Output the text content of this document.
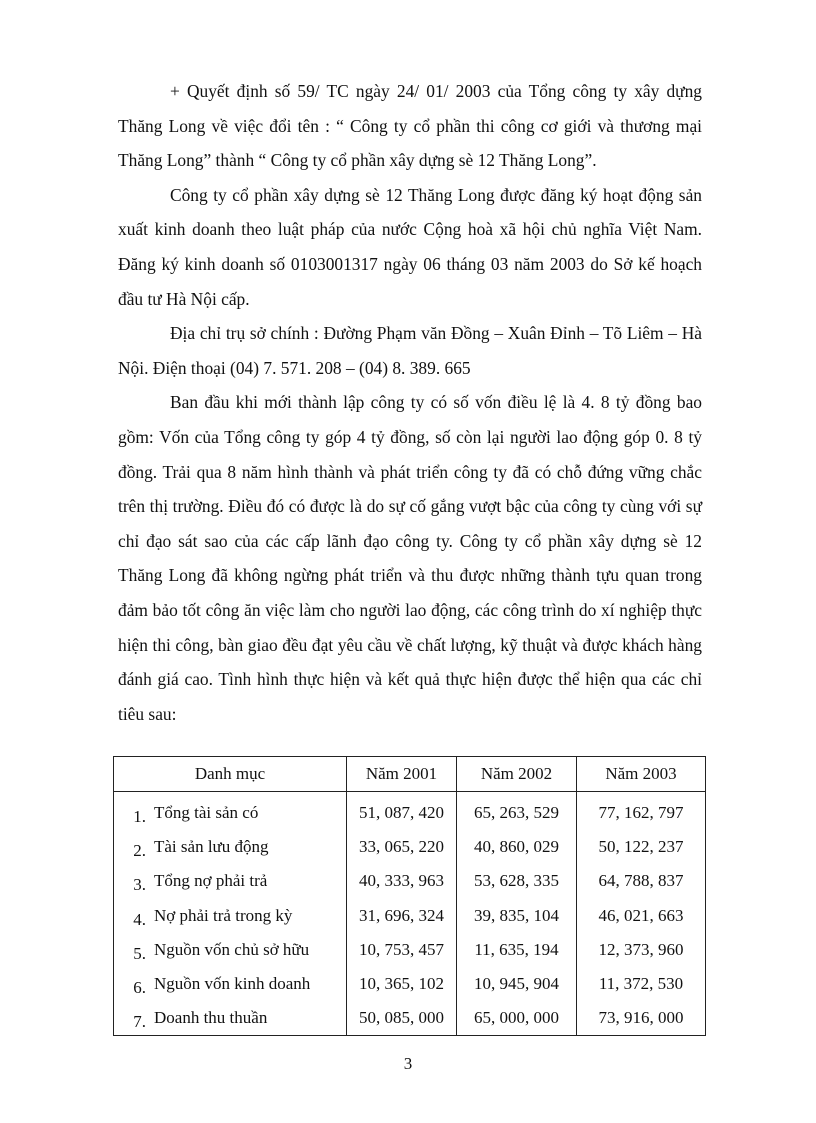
+ Quyết định số 59/ TC ngày 24/ 01/ 2003 của Tổng công ty xây dựng Thăng Long về việc đổi tên : “ Công ty cổ phần thi công cơ giới và thương mại Thăng Long” thành “ Công ty cổ phần xây dựng sè 12 Thăng Long”.

Công ty cổ phần xây dựng sè 12 Thăng Long được đăng ký hoạt động sản xuất kinh doanh theo luật pháp của nước Cộng hoà xã hội chủ nghĩa Việt Nam. Đăng ký kinh doanh số 0103001317 ngày 06 tháng 03 năm 2003 do Sở kế hoạch đầu tư Hà Nội cấp.

Địa chỉ trụ sở chính : Đường Phạm văn Đồng – Xuân Đỉnh – Tõ Liêm – Hà Nội. Điện thoại (04) 7. 571. 208 – (04) 8. 389. 665

Ban đầu khi mới thành lập công ty có số vốn điều lệ là 4. 8 tỷ đồng bao gồm: Vốn của Tổng công ty góp 4 tỷ đồng, số còn lại người lao động góp 0. 8 tỷ đồng. Trải qua 8 năm hình thành và phát triển công ty đã có chỗ đứng vững chắc trên thị trường. Điều đó có được là do sự cố gắng vượt bậc của công ty cùng với sự chỉ đạo sát sao của các cấp lãnh đạo công ty. Công ty cổ phần xây dựng sè 12 Thăng Long đã không ngừng phát triển và thu được những thành tựu quan trong đảm bảo tốt công ăn việc làm cho người lao động, các công trình do xí nghiệp thực hiện thi công, bàn giao đều đạt yêu cầu về chất lượng, kỹ thuật và được khách hàng đánh giá cao. Tình hình thực hiện và kết quả thực hiện được thể hiện qua các chỉ tiêu sau:

Danh mục	Năm 2001	Năm 2002	Năm 2003
1. Tổng tài sản có	51, 087, 420	65, 263, 529	77, 162, 797
2. Tài sản lưu động	33, 065, 220	40, 860, 029	50, 122, 237
3. Tổng nợ phải trả	40, 333, 963	53, 628, 335	64, 788, 837
4. Nợ phải trả trong kỳ	31, 696, 324	39, 835, 104	46, 021, 663
5. Nguồn vốn chủ sở hữu	10, 753, 457	11, 635, 194	12, 373, 960
6. Nguồn vốn kinh doanh	10, 365, 102	10, 945, 904	11, 372, 530
7. Doanh thu thuần	50, 085, 000	65, 000, 000	73, 916, 000
3
